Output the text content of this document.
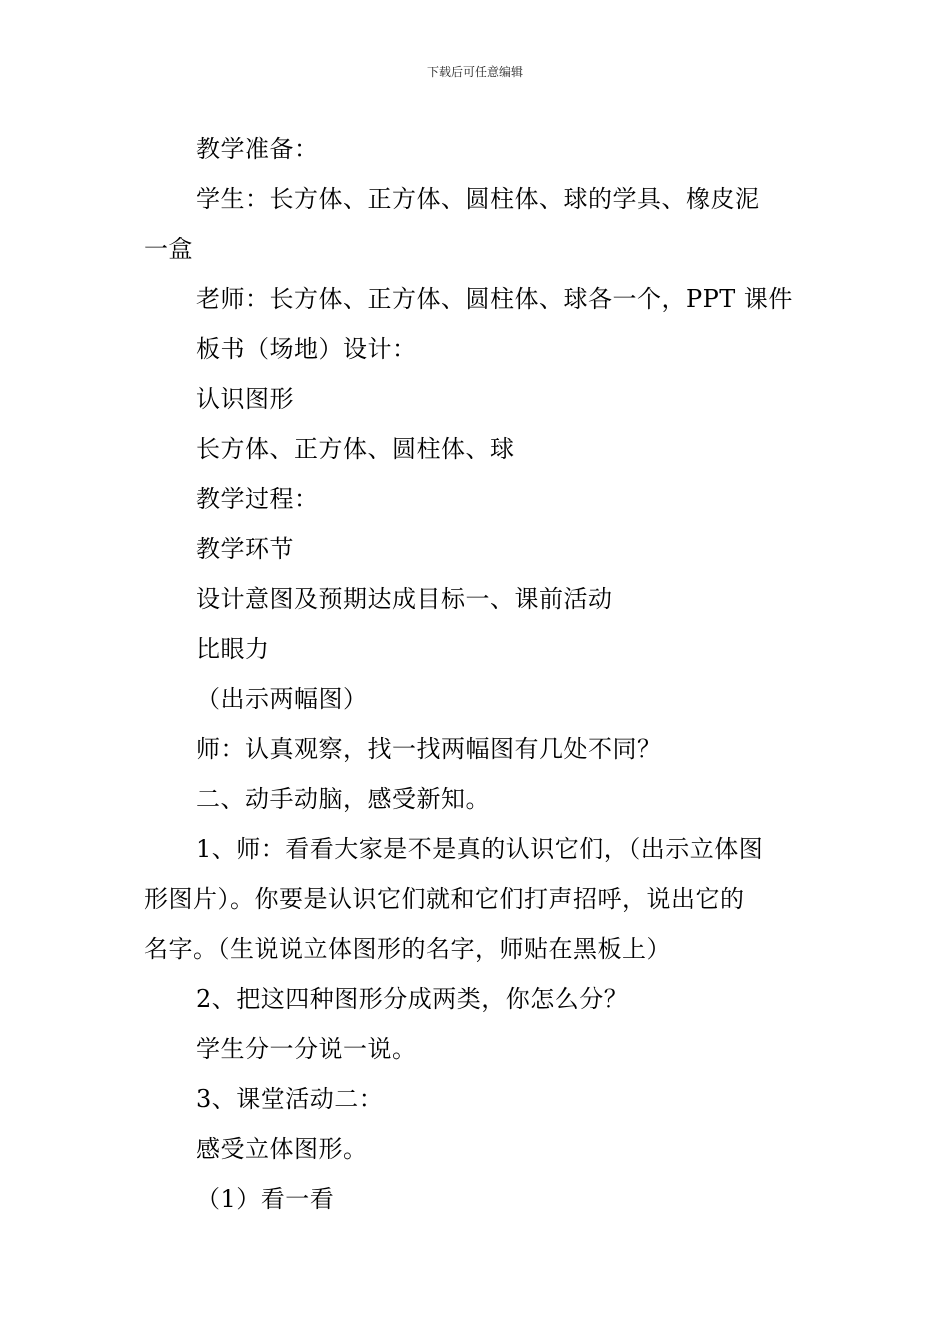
下载后可任意编辑

教学准备：

学生：长方体、正方体、圆柱体、球的学具、橡皮泥

一盒

老师：长方体、正方体、圆柱体、球各一个，PPT 课件

板书（场地）设计：

认识图形

长方体、正方体、圆柱体、球

教学过程：

教学环节

设计意图及预期达成目标一、课前活动

比眼力

（出示两幅图）

师：认真观察，找一找两幅图有几处不同？

二、动手动脑，感受新知。

1、师：看看大家是不是真的认识它们，（出示立体图

形图片）。你要是认识它们就和它们打声招呼，说出它的

名字。（生说说立体图形的名字，师贴在黑板上）

2、把这四种图形分成两类，你怎么分？

学生分一分说一说。

3、课堂活动二：

感受立体图形。

（1）看一看
